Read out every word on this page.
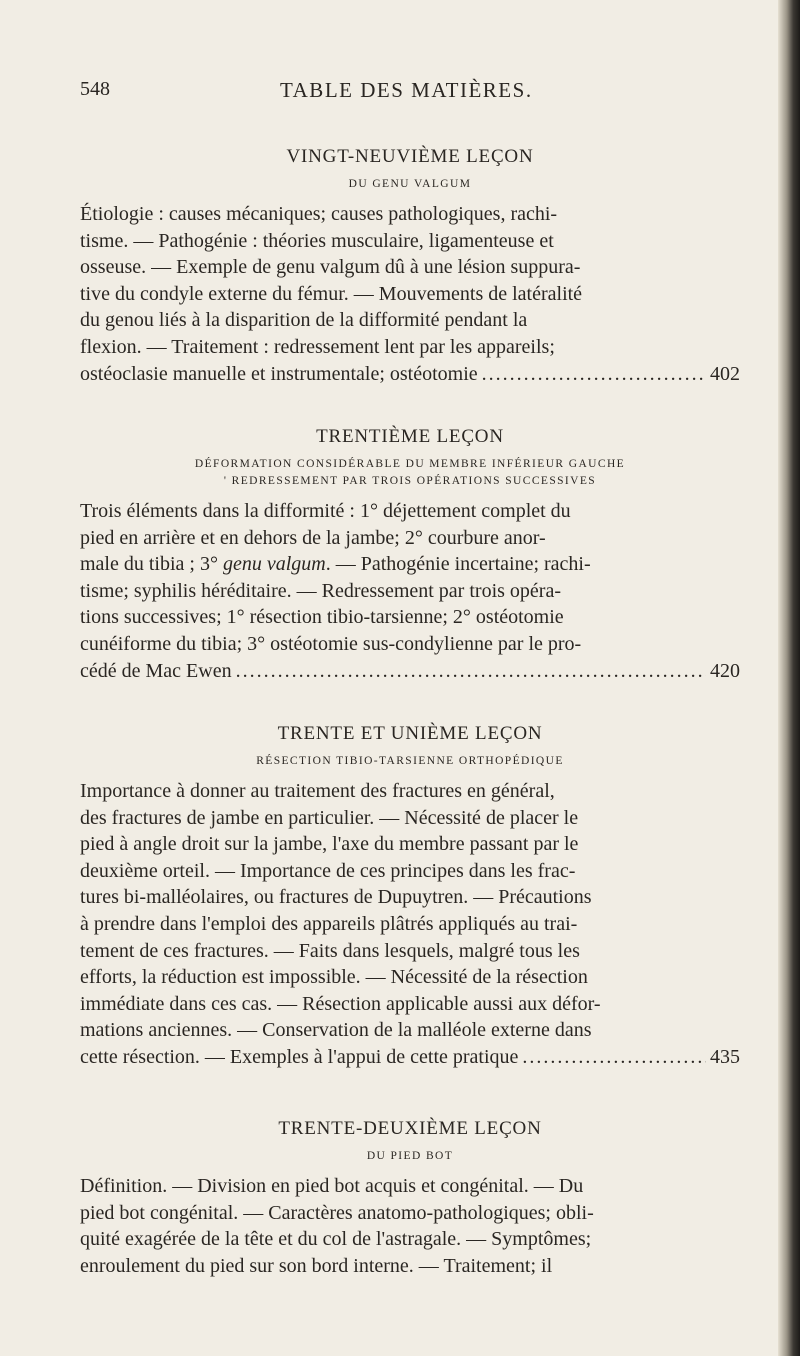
548	TABLE DES MATIÈRES.

VINGT-NEUVIÈME LEÇON

DU GENU VALGUM

Étiologie : causes mécaniques; causes pathologiques, rachi-
tisme. — Pathogénie : théories musculaire, ligamenteuse et
osseuse. — Exemple de genu valgum dû à une lésion suppura-
tive du condyle externe du fémur. — Mouvements de latéralité
du genou liés à la disparition de la difformité pendant la
flexion. — Traitement : redressement lent par les appareils;
ostéoclasie manuelle et instrumentale; ostéotomie .....	402

TRENTIÈME LEÇON

DÉFORMATION CONSIDÉRABLE DU MEMBRE INFÉRIEUR GAUCHE

' REDRESSEMENT PAR TROIS OPÉRATIONS SUCCESSIVES

Trois éléments dans la difformité : 1° déjettement complet du
pied en arrière et en dehors de la jambe; 2° courbure anor-
male du tibia ; 3° genu valgum. — Pathogénie incertaine; rachi-
tisme; syphilis héréditaire. — Redressement par trois opéra-
tions successives; 1° résection tibio-tarsienne; 2° ostéotomie
cunéiforme du tibia; 3° ostéotomie sus-condylienne par le pro-
cédé de Mac Ewen .....	420

TRENTE ET UNIÈME LEÇON

RÉSECTION TIBIO-TARSIENNE ORTHOPÉDIQUE

Importance à donner au traitement des fractures en général,
des fractures de jambe en particulier. — Nécessité de placer le
pied à angle droit sur la jambe, l'axe du membre passant par le
deuxième orteil. — Importance de ces principes dans les frac-
tures bi-malléolaires, ou fractures de Dupuytren. — Précautions
à prendre dans l'emploi des appareils plâtrés appliqués au trai-
tement de ces fractures. — Faits dans lesquels, malgré tous les
efforts, la réduction est impossible. — Nécessité de la résection
immédiate dans ces cas. — Résection applicable aussi aux défor-
mations anciennes. — Conservation de la malléole externe dans
cette résection. — Exemples à l'appui de cette pratique .....	435

TRENTE-DEUXIÈME LEÇON

DU PIED BOT

Définition. — Division en pied bot acquis et congénital. — Du
pied bot congénital. — Caractères anatomo-pathologiques; obli-
quité exagérée de la tête et du col de l'astragale. — Symptômes;
enroulement du pied sur son bord interne. — Traitement; il
